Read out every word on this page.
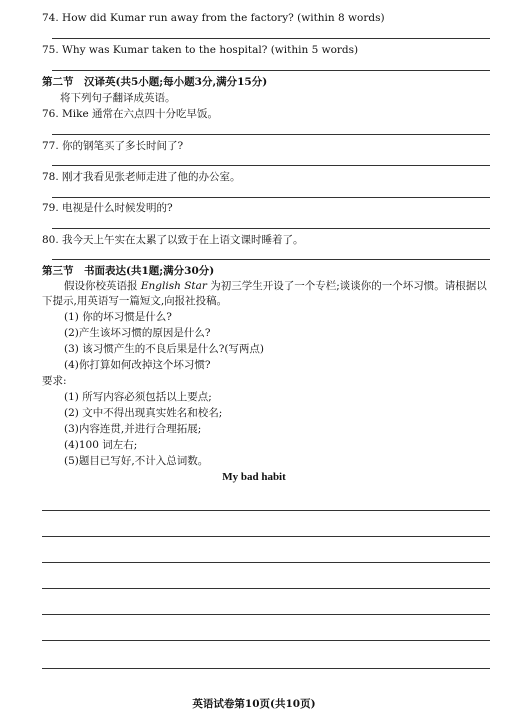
74. How did Kumar run away from the factory? (within 8 words)
75. Why was Kumar taken to the hospital? (within 5 words)
第二节　汉译英(共5小题;每小题3分,满分15分)
将下列句子翻译成英语。
76. Mike 通常在六点四十分吃早饭。
77. 你的钢笔买了多长时间了?
78. 刚才我看见张老师走进了他的办公室。
79. 电视是什么时候发明的?
80. 我今天上午实在太累了以致于在上语文课时睡着了。
第三节　书面表达(共1题;满分30分)
假设你校英语报 English Star 为初三学生开设了一个专栏;谈谈你的一个坏习惯。请根据以下提示,用英语写一篇短文,向报社投稿。
(1) 你的坏习惯是什么?
(2)产生该坏习惯的原因是什么?
(3) 该习惯产生的不良后果是什么?(写两点)
(4)你打算如何改掉这个坏习惯?
要求:
(1) 所写内容必须包括以上要点;
(2) 文中不得出现真实姓名和校名;
(3)内容连贯,并进行合理拓展;
(4)100 词左右;
(5)题目已写好,不计入总词数。
My bad habit
英语试卷第10页(共10页)
